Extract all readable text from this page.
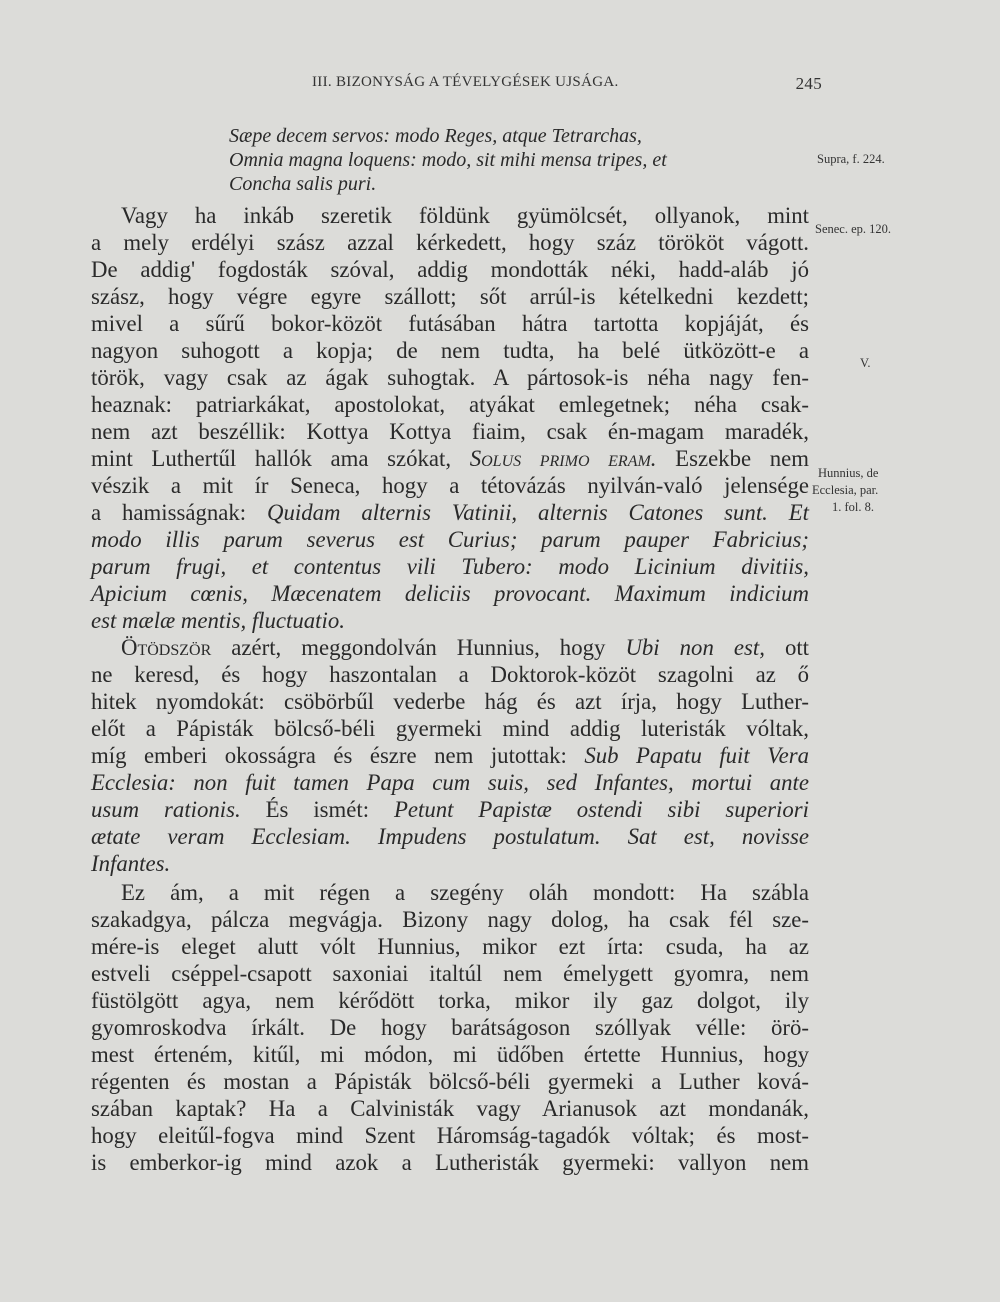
III. BIZONYSÁG A TÉVELYGÉSEK UJSÁGA.	245
Sæpe decem servos: modo Reges, atque Tetrarchas,
Omnia magna loquens: modo, sit mihi mensa tripes, et
Concha salis puri.
Vagy ha inkáb szeretik földünk gyümölcsét, ollyanok, mint
a mely erdélyi szász azzal kérkedett, hogy száz törököt vágott.
De addig' fogdosták szóval, addig mondották néki, hadd-aláb jó
szász, hogy végre egyre szállott; sőt arrúl-is kételkedni kezdett;
mivel a sűrű bokor-közöt futásában hátra tartotta kopjáját, és
nagyon suhogott a kopja; de nem tudta, ha belé ütközött-e a
török, vagy csak az ágak suhogtak. A pártosok-is néha nagy fen-
heaznak: patriarkákat, apostolokat, atyákat emlegetnek; néha csak-
nem azt beszéllik: Kottya Kottya fiaim, csak én-magam maradék,
mint Luthertűl hallók ama szókat, Solus primo eram. Eszekbe nem
vészik a mit ír Seneca, hogy a tétovázás nyilván-való jelensége
a hamisságnak: Quidam alternis Vatinii, alternis Catones sunt. Et
modo illis parum severus est Curius; parum pauper Fabricius;
parum frugi, et contentus vili Tubero: modo Licinium divitiis,
Apicium cœnis, Mæcenatem deliciis provocant. Maximum indicium
est mælæ mentis, fluctuatio.
Ötödször azért, meggondolván Hunnius, hogy Ubi non est, ott
ne keresd, és hogy haszontalan a Doktorok-közöt szagolni az ő
hitek nyomdokát: csöbörbűl vederbe hág és azt írja, hogy Luther-
előt a Pápisták bölcső-béli gyermeki mind addig luteristák vóltak,
míg emberi okosságra és észre nem jutottak: Sub Papatu fuit Vera
Ecclesia: non fuit tamen Papa cum suis, sed Infantes, mortui ante
usum rationis. És ismét: Petunt Papistæ ostendi sibi superiori
ætate veram Ecclesiam. Impudens postulatum. Sat est, novisse
Infantes.
Ez ám, a mit régen a szegény oláh mondott: Ha szábla
szakadgya, pálcza megvágja. Bizony nagy dolog, ha csak fél sze-
mére-is eleget alutt vólt Hunnius, mikor ezt írta: csuda, ha az
estveli cséppel-csapott saxoniai italtúl nem émelygett gyomra, nem
füstölgött agya, nem kérődött torka, mikor ily gaz dolgot, ily
gyomroskodva írkált. De hogy barátságoson szóllyak vélle: örö-
mest érteném, kitűl, mi módon, mi üdőben értette Hunnius, hogy
régenten és mostan a Pápisták bölcső-béli gyermeki a Luther ková-
szában kaptak? Ha a Calvinisták vagy Arianusok azt mondanák,
hogy eleitűl-fogva mind Szent Háromság-tagadók vóltak; és most-
is emberkor-ig mind azok a Lutheristák gyermeki: vallyon nem
Supra, f. 224.
Senec. ep. 120.
V.
Hunnius, de
Ecclesia, par.
1. fol. 8.
